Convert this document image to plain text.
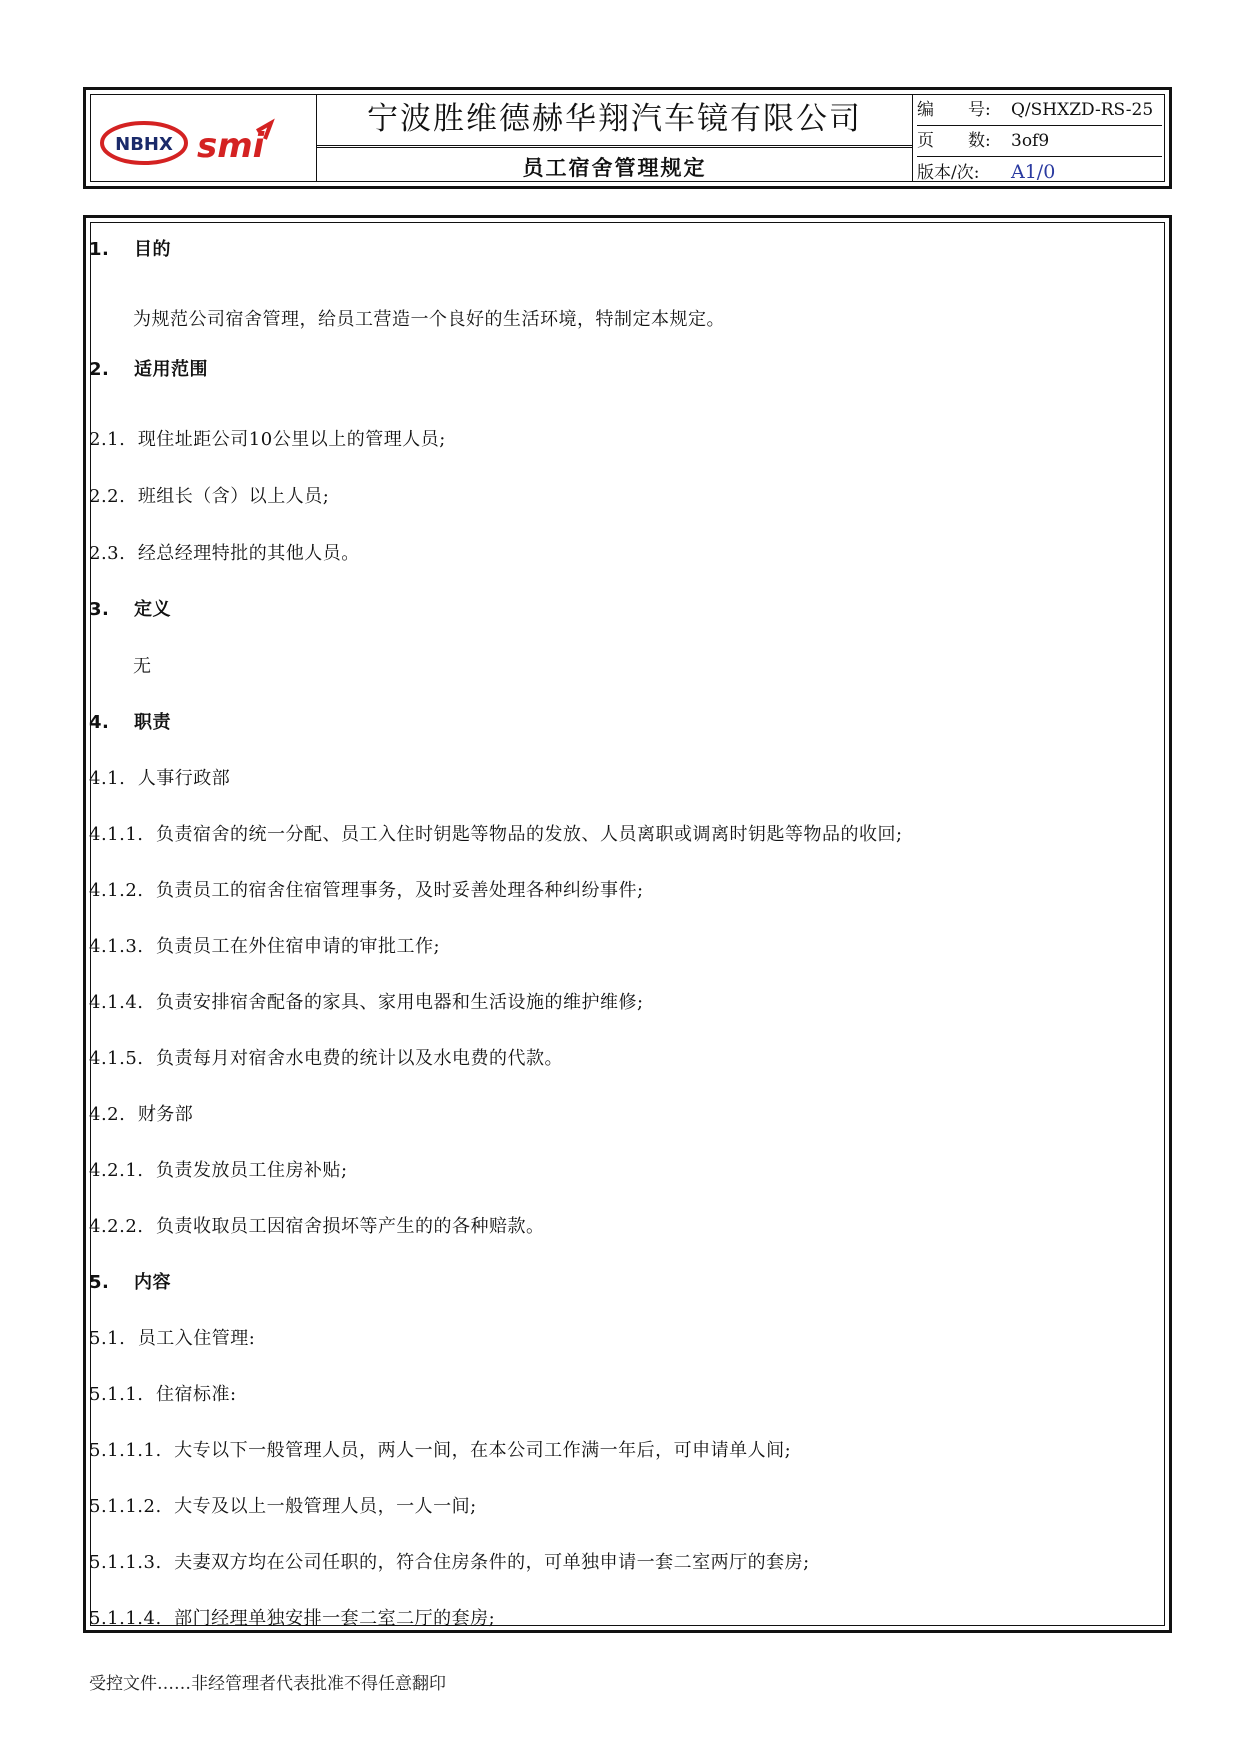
NBHX smi
宁波胜维德赫华翔汽车镜有限公司
员工宿舍管理规定
编　　号: Q/SHXZD-RS-25
页　　数: 3of9
版本/次: A1/0
1. 目的
为规范公司宿舍管理，给员工营造一个良好的生活环境，特制定本规定。
2. 适用范围
2.1. 现住址距公司10公里以上的管理人员;
2.2. 班组长（含）以上人员;
2.3. 经总经理特批的其他人员。
3. 定义
无
4. 职责
4.1. 人事行政部
4.1.1. 负责宿舍的统一分配、员工入住时钥匙等物品的发放、人员离职或调离时钥匙等物品的收回;
4.1.2. 负责员工的宿舍住宿管理事务，及时妥善处理各种纠纷事件;
4.1.3. 负责员工在外住宿申请的审批工作;
4.1.4. 负责安排宿舍配备的家具、家用电器和生活设施的维护维修;
4.1.5. 负责每月对宿舍水电费的统计以及水电费的代款。
4.2. 财务部
4.2.1. 负责发放员工住房补贴;
4.2.2. 负责收取员工因宿舍损坏等产生的的各种赔款。
5. 内容
5.1. 员工入住管理:
5.1.1. 住宿标准:
5.1.1.1. 大专以下一般管理人员，两人一间，在本公司工作满一年后，可申请单人间;
5.1.1.2. 大专及以上一般管理人员，一人一间;
5.1.1.3. 夫妻双方均在公司任职的，符合住房条件的，可单独申请一套二室两厅的套房;
5.1.1.4. 部门经理单独安排一套二室二厅的套房;
受控文件……非经管理者代表批准不得任意翻印
